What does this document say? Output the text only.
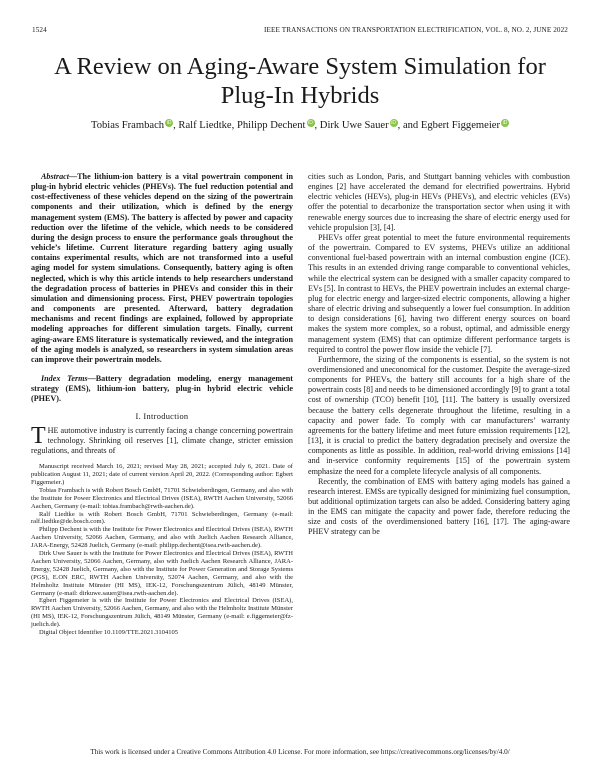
1524	IEEE TRANSACTIONS ON TRANSPORTATION ELECTRIFICATION, VOL. 8, NO. 2, JUNE 2022
A Review on Aging-Aware System Simulation for Plug-In Hybrids
Tobias Frambach iD , Ralf Liedtke, Philipp Dechent iD , Dirk Uwe Sauer iD , and Egbert Figgemeier iD

Abstract—The lithium-ion battery is a vital powertrain component in plug-in hybrid electric vehicles (PHEVs). The fuel reduction potential and cost-effectiveness of these vehicles depend on the sizing of the powertrain components and their utilization, which is defined by the energy management system (EMS). The battery is affected by power and capacity reduction over the lifetime of the vehicle, which needs to be considered during the design process to ensure the performance goals throughout the vehicle’s lifetime. Current literature regarding battery aging usually contains experimental results, which are not transformed into a useful aging model for system simulations. Consequently, battery aging is often neglected, which is why this article intends to help researchers understand the degradation process of batteries in PHEVs and consider this in their simulation and dimensioning process. First, PHEV powertrain topologies and components are presented. Afterward, battery degradation mechanisms and recent findings are explained, followed by appropriate modeling approaches for different simulation targets. Finally, current aging-aware EMS literature is systematically reviewed, and the integration of the aging models is analyzed, so researchers in system simulation areas can improve their powertrain models.

Index Terms—Battery degradation modeling, energy management strategy (EMS), lithium-ion battery, plug-in hybrid electric vehicle (PHEV).

I. Introduction

THE automotive industry is currently facing a change concerning powertrain technology. Shrinking oil reserves [1], climate change, stricter emission regulations, and threats of

Manuscript received March 16, 2021; revised May 28, 2021; accepted July 6, 2021. Date of publication August 11, 2021; date of current version April 20, 2022. (Corresponding author: Egbert Figgemeier.)

Tobias Frambach is with Robert Bosch GmbH, 71701 Schwieberdingen, Germany, and also with the Institute for Power Electronics and Electrical Drives (ISEA), RWTH Aachen University, 52066 Aachen, Germany (e-mail: tobias.frambach@rwth-aachen.de).

Ralf Liedtke is with Robert Bosch GmbH, 71701 Schwieberdingen, Germany (e-mail: ralf.liedtke@de.bosch.com).

Philipp Dechent is with the Institute for Power Electronics and Electrical Drives (ISEA), RWTH Aachen University, 52066 Aachen, Germany, and also with Juelich Aachen Research Alliance, JARA-Energy, 52428 Juelich, Germany (e-mail: philipp.dechent@isea.rwth-aachen.de).

Dirk Uwe Sauer is with the Institute for Power Electronics and Electrical Drives (ISEA), RWTH Aachen University, 52066 Aachen, Germany, also with Juelich Aachen Research Alliance, JARA-Energy, 52428 Juelich, Germany, also with the Institute for Power Generation and Storage Systems (PGS), E.ON ERC, RWTH Aachen University, 52074 Aachen, Germany, and also with the Helmholtz Institute Münster (HI MS), IEK-12, Forschungszentrum Jülich, 48149 Münster, Germany (e-mail: dirkuwe.sauer@isea.rwth-aachen.de).

Egbert Figgemeier is with the Institute for Power Electronics and Electrical Drives (ISEA), RWTH Aachen University, 52066 Aachen, Germany, and also with the Helmholtz Institute Münster (HI MS), IEK-12, Forschungszentrum Jülich, 48149 Münster, Germany (e-mail: e.figgemeier@fz-juelich.de).

Digital Object Identifier 10.1109/TTE.2021.3104105

cities such as London, Paris, and Stuttgart banning vehicles with combustion engines [2] have accelerated the demand for electrified powertrains. Hybrid electric vehicles (HEVs), plug-in HEVs (PHEVs), and electric vehicles (EVs) offer the potential to decarbonize the transportation sector when using it with renewable energy sources due to increasing the share of electric energy used for vehicle propulsion [3], [4].

PHEVs offer great potential to meet the future environmental requirements of the powertrain. Compared to EV systems, PHEVs utilize an additional conventional fuel-based powertrain with an internal combustion engine (ICE). This results in an extended driving range comparable to conventional vehicles, while the electrical system can be designed with a smaller capacity compared to EVs [5]. In contrast to HEVs, the PHEV powertrain includes an external charge-plug for electric energy and larger-sized electric components, allowing a higher share of electric driving and subsequently a lower fuel consumption. In addition to design considerations [6], having two different energy sources on board makes the system more complex, so a robust, optimal, and admissible energy management system (EMS) that can optimize different performance targets is required to control the power flow inside the vehicle [7].

Furthermore, the sizing of the components is essential, so the system is not overdimensioned and uneconomical for the customer. Despite the average-sized components for PHEVs, the battery still accounts for a high share of the powertrain costs [8] and needs to be dimensioned accordingly [9] to grant a total cost of ownership (TCO) benefit [10], [11]. The battery is usually oversized because the battery cells degenerate throughout the lifetime, resulting in a capacity and power fade. To comply with car manufacturers’ warranty agreements for the battery lifetime and meet future emission requirements [12], [13], it is crucial to predict the battery degradation precisely and oversize the components as little as possible. In addition, real-world driving emissions [14] and in-service conformity requirements [15] of the powertrain system emphasize the need for a complete lifecycle analysis of all components.

Recently, the combination of EMS with battery aging models has gained a research interest. EMSs are typically designed for minimizing fuel consumption, but additional optimization targets can also be added. Considering battery aging in the EMS can mitigate the capacity and power fade, therefore reducing the size and costs of the overdimensioned battery [16], [17]. The aging-aware PHEV strategy can be

This work is licensed under a Creative Commons Attribution 4.0 License. For more information, see https://creativecommons.org/licenses/by/4.0/
